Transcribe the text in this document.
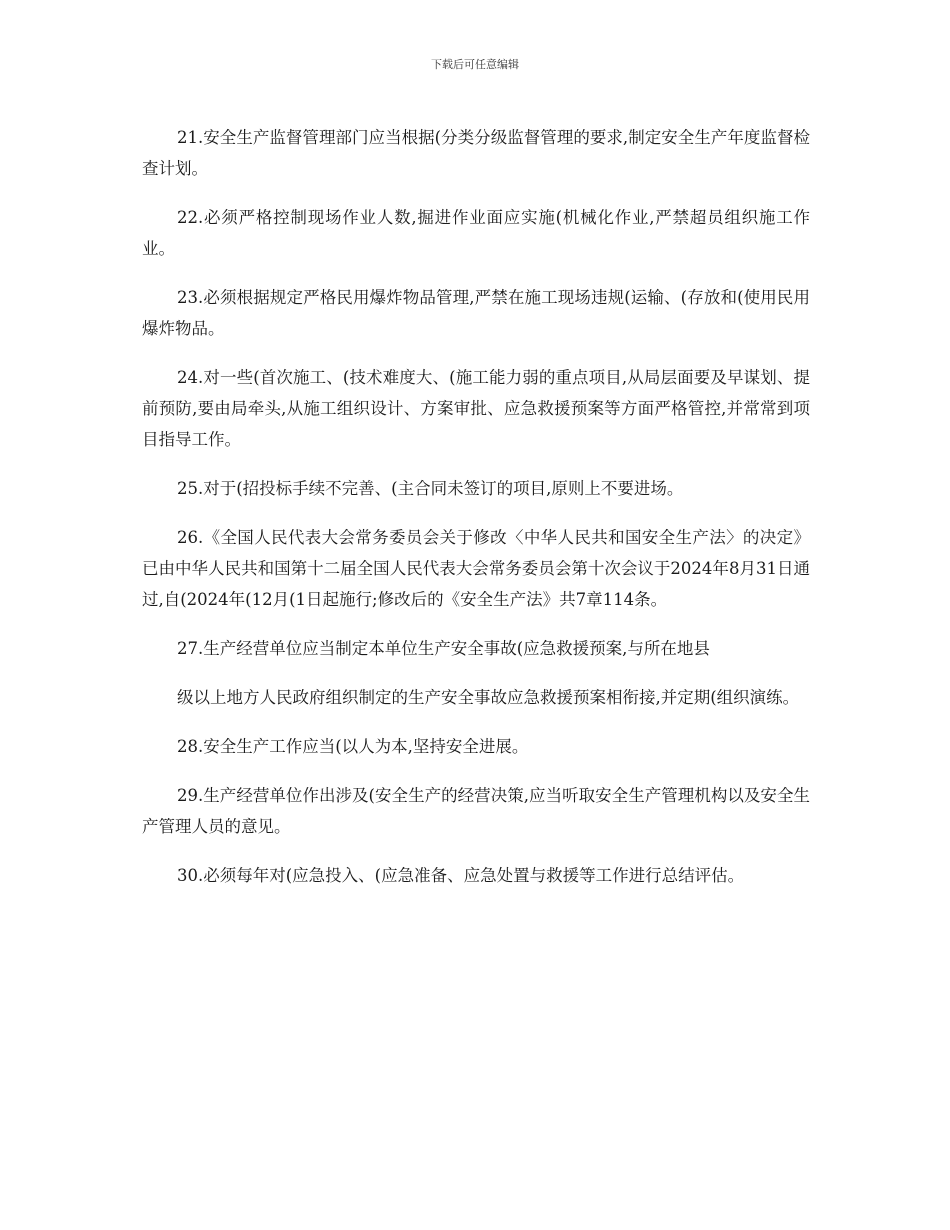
下载后可任意编辑

21.安全生产监督管理部门应当根据(分类分级监督管理的要求,制定安全生产年度监督检查计划。

22.必须严格控制现场作业人数,掘进作业面应实施(机械化作业,严禁超员组织施工作业。

23.必须根据规定严格民用爆炸物品管理,严禁在施工现场违规(运输、(存放和(使用民用爆炸物品。

24.对一些(首次施工、(技术难度大、(施工能力弱的重点项目,从局层面要及早谋划、提前预防,要由局牵头,从施工组织设计、方案审批、应急救援预案等方面严格管控,并常常到项目指导工作。

25.对于(招投标手续不完善、(主合同未签订的项目,原则上不要进场。

26.《全国人民代表大会常务委员会关于修改〈中华人民共和国安全生产法〉的决定》已由中华人民共和国第十二届全国人民代表大会常务委员会第十次会议于2024年8月31日通过,自(2024年(12月(1日起施行;修改后的《安全生产法》共7章114条。

27.生产经营单位应当制定本单位生产安全事故(应急救援预案,与所在地县

级以上地方人民政府组织制定的生产安全事故应急救援预案相衔接,并定期(组织演练。

28.安全生产工作应当(以人为本,坚持安全进展。

29.生产经营单位作出涉及(安全生产的经营决策,应当听取安全生产管理机构以及安全生产管理人员的意见。

30.必须每年对(应急投入、(应急准备、应急处置与救援等工作进行总结评估。
